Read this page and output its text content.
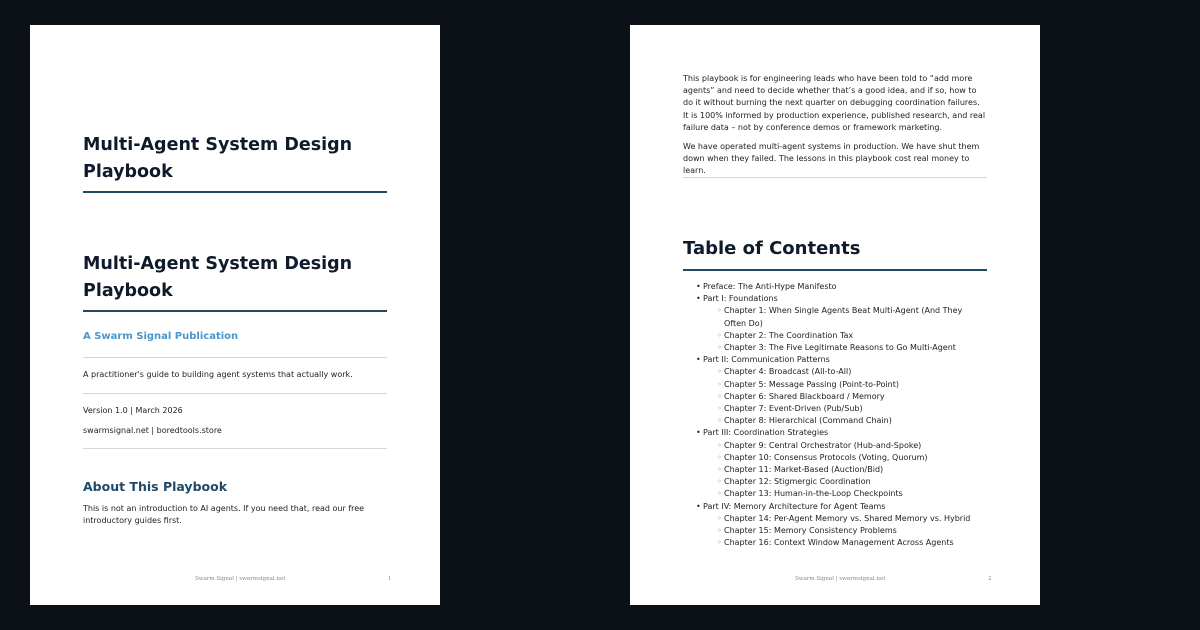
Multi-Agent System Design Playbook
Multi-Agent System Design Playbook
A Swarm Signal Publication
A practitioner's guide to building agent systems that actually work.
Version 1.0 | March 2026
swarmsignal.net | boredtools.store
About This Playbook
This is not an introduction to AI agents. If you need that, read our free introductory guides first.
Swarm Signal | swarmsignal.net	1
This playbook is for engineering leads who have been told to “add more agents” and need to decide whether that’s a good idea, and if so, how to do it without burning the next quarter on debugging coordination failures. It is 100% informed by production experience, published research, and real failure data – not by conference demos or framework marketing.
We have operated multi-agent systems in production. We have shut them down when they failed. The lessons in this playbook cost real money to learn.
Table of Contents
• Preface: The Anti-Hype Manifesto
• Part I: Foundations
◦ Chapter 1: When Single Agents Beat Multi-Agent (And They Often Do)
◦ Chapter 2: The Coordination Tax
◦ Chapter 3: The Five Legitimate Reasons to Go Multi-Agent
• Part II: Communication Patterns
◦ Chapter 4: Broadcast (All-to-All)
◦ Chapter 5: Message Passing (Point-to-Point)
◦ Chapter 6: Shared Blackboard / Memory
◦ Chapter 7: Event-Driven (Pub/Sub)
◦ Chapter 8: Hierarchical (Command Chain)
• Part III: Coordination Strategies
◦ Chapter 9: Central Orchestrator (Hub-and-Spoke)
◦ Chapter 10: Consensus Protocols (Voting, Quorum)
◦ Chapter 11: Market-Based (Auction/Bid)
◦ Chapter 12: Stigmergic Coordination
◦ Chapter 13: Human-in-the-Loop Checkpoints
• Part IV: Memory Architecture for Agent Teams
◦ Chapter 14: Per-Agent Memory vs. Shared Memory vs. Hybrid
◦ Chapter 15: Memory Consistency Problems
◦ Chapter 16: Context Window Management Across Agents
Swarm Signal | swarmsignal.net	2
